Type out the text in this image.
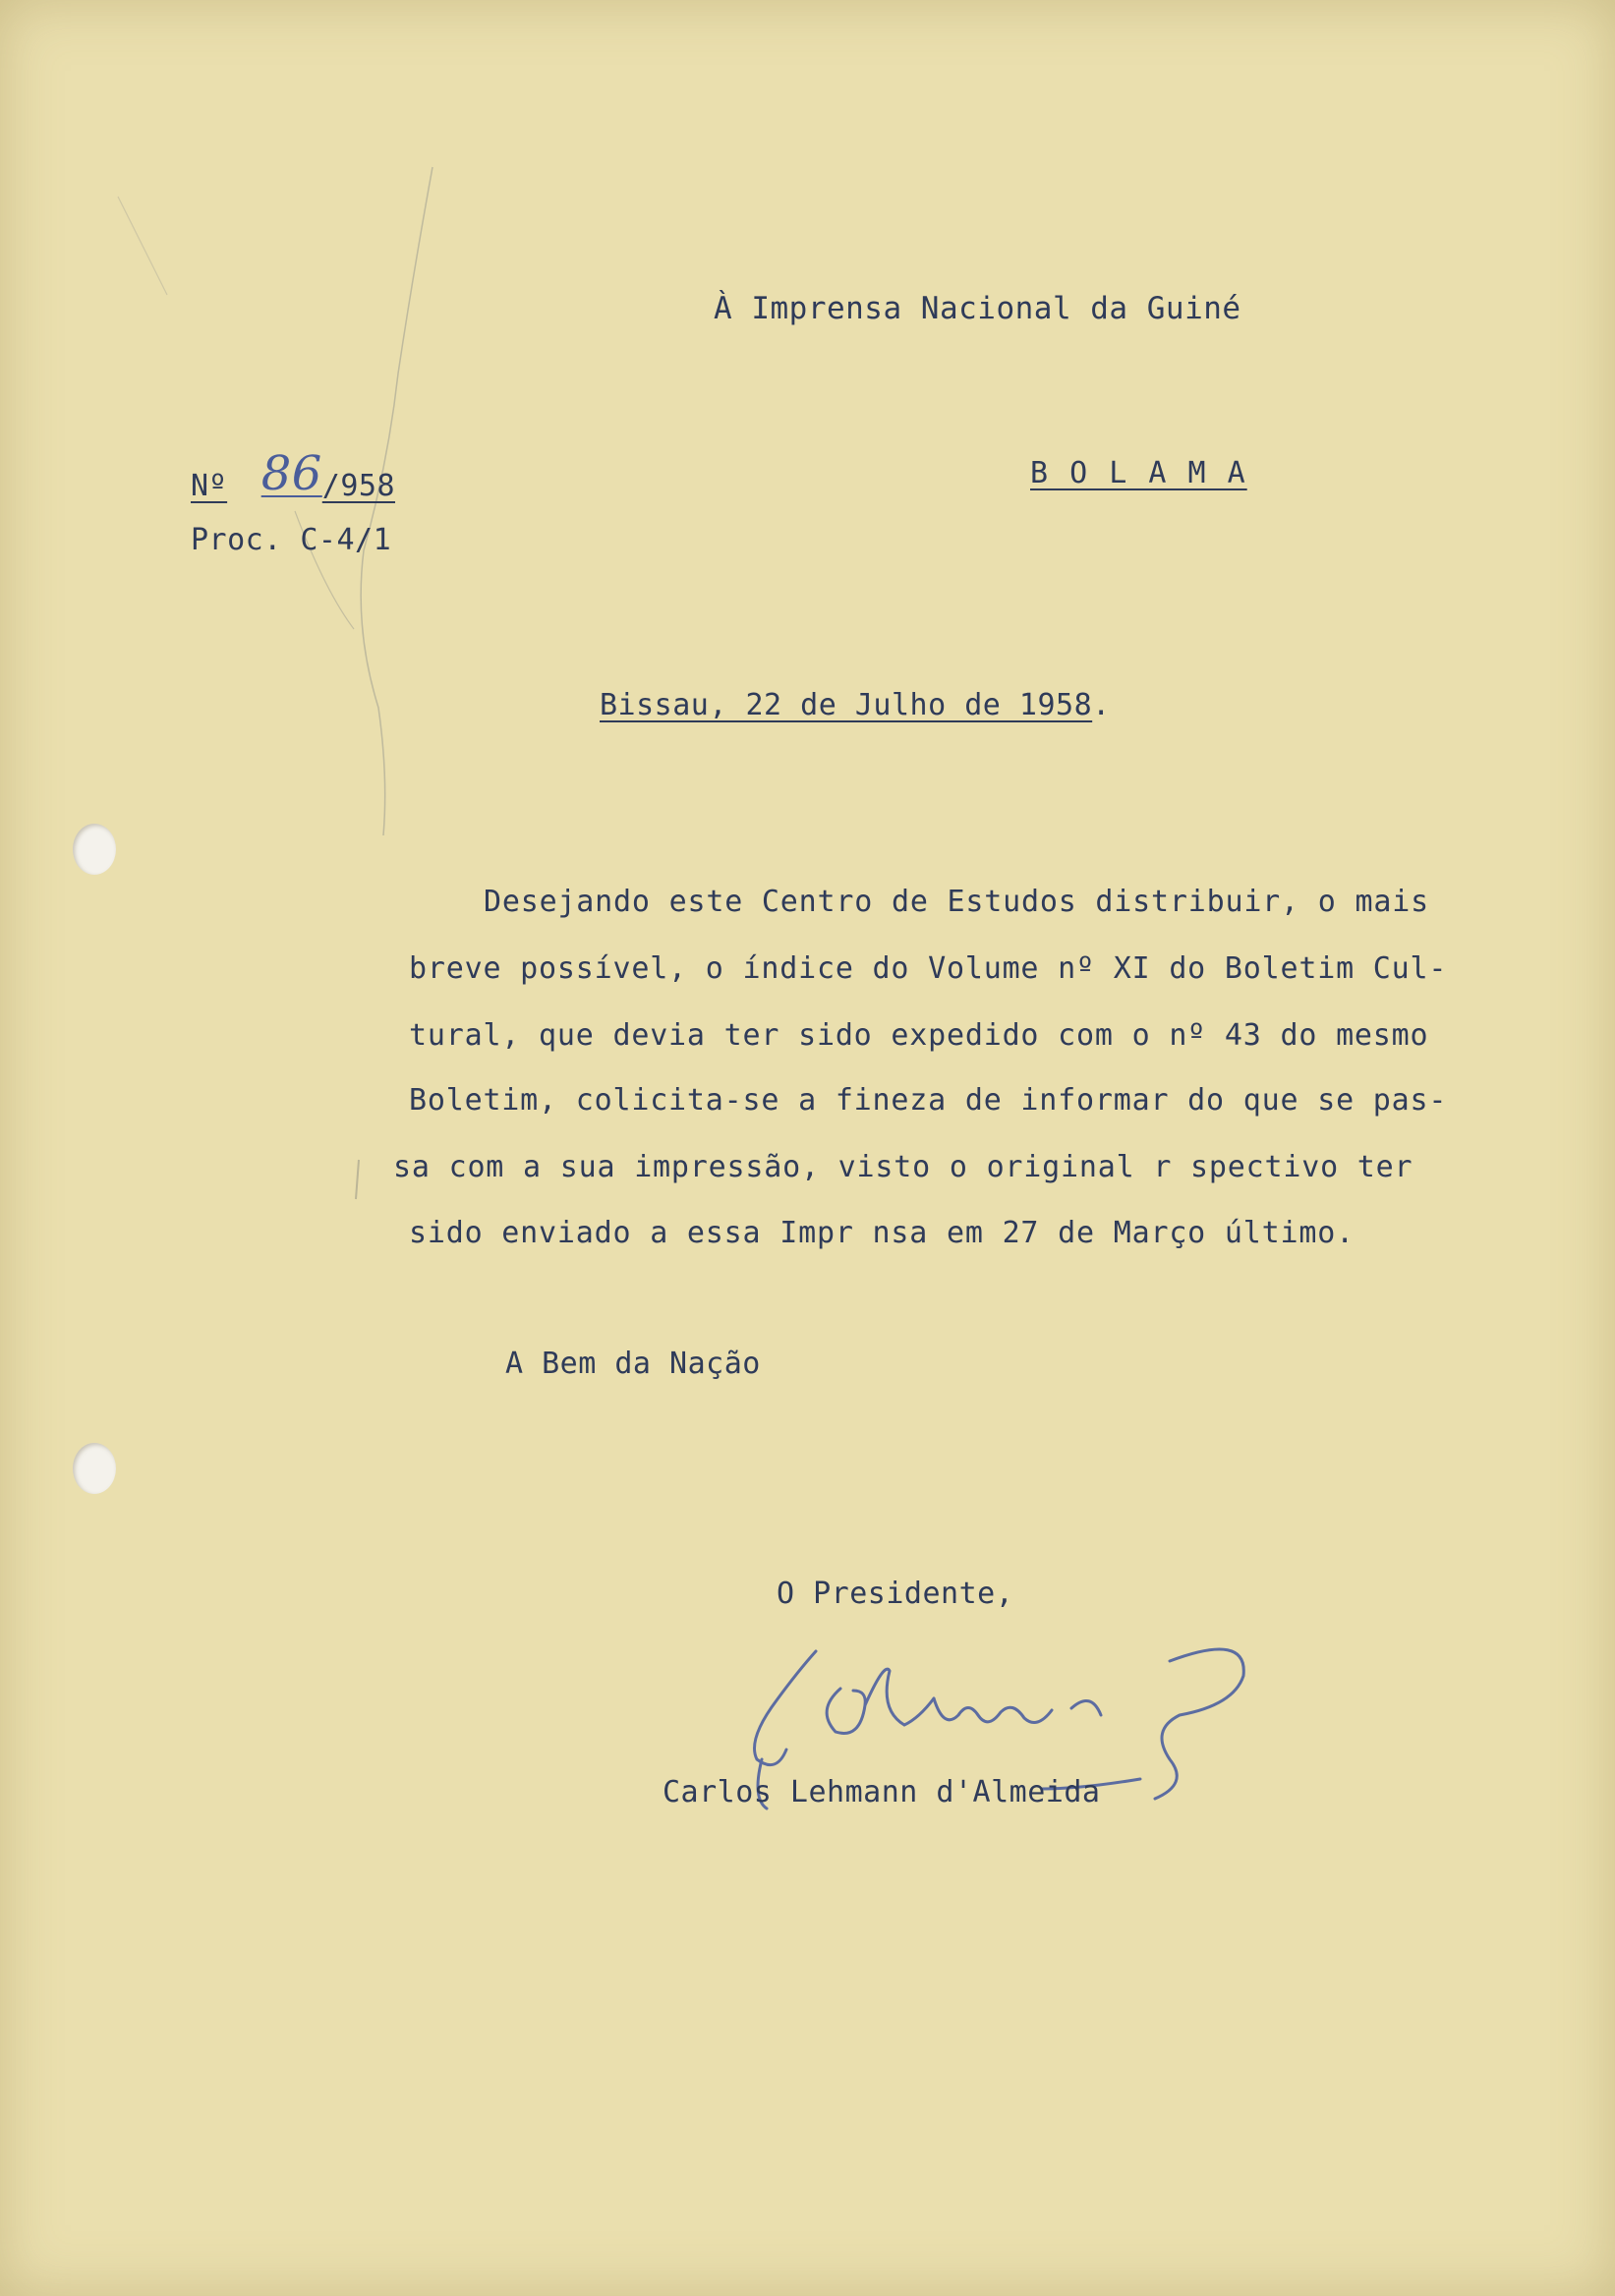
À Imprensa Nacional da Guiné
Nº 86/958
Proc. C-4/1
B O L A M A
Bissau, 22 de Julho de 1958.
Desejando este Centro de Estudos distribuir, o mais
breve possível, o índice do Volume nº XI do Boletim Cul-
tural, que devia ter sido expedido com o nº 43 do mesmo
Boletim, colicita-se a fineza de informar do que se pas-
sa com a sua impressão, visto o original r spectivo ter
sido enviado a essa Impr nsa em 27 de Março último.
A Bem da Nação
O Presidente,
Carlos Lehmann d'Almeida
